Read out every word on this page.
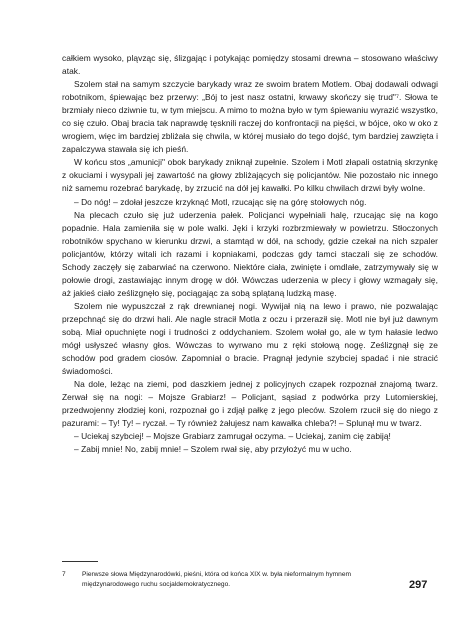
całkiem wysoko, pląvząc się, ślizgając i potykając pomiędzy stosami drewna – stosowano właściwy atak.

Szolem stał na samym szczycie barykady wraz ze swoim bratem Motlem. Obaj dodawali odwagi robotnikom, śpiewając bez przerwy: „Bój to jest nasz ostatni, krwawy skończy się trud"⁷. Słowa te brzmiały nieco dziwnie tu, w tym miejscu. A mimo to można było w tym śpiewaniu wyrazić wszystko, co się czuło. Obaj bracia tak naprawdę tęsknili raczej do konfrontacji na pięści, w bójce, oko w oko z wrogiem, więc im bardziej zbliżała się chwila, w której musiało do tego dojść, tym bardziej zawzięta i zapalczywa stawała się ich pieśń.

W końcu stos „amunicji" obok barykady zniknął zupełnie. Szolem i Motl złapali ostatnią skrzynkę z okuciami i wysypali jej zawartość na głowy zbliżających się policjantów. Nie pozostało nic innego niż samemu rozebrać barykadę, by zrzucić na dół jej kawałki. Po kilku chwilach drzwi były wolne.

– Do nóg! – zdołał jeszcze krzyknąć Motl, rzucając się na górę stołowych nóg.

Na plecach czuło się już uderzenia pałek. Policjanci wypełniali halę, rzucając się na kogo popadnie. Hala zamieniła się w pole walki. Jęki i krzyki rozbrzmiewały w powietrzu. Stłoczonych robotników spychano w kierunku drzwi, a stamtąd w dół, na schody, gdzie czekał na nich szpaler policjantów, którzy witali ich razami i kopniakami, podczas gdy tamci staczali się ze schodów. Schody zaczęły się zabarwiać na czerwono. Niektóre ciała, zwinięte i omdlałe, zatrzymywały się w połowie drogi, zastawiając innym drogę w dół. Wówczas uderzenia w plecy i głowy wzmagały się, aż jakieś ciało ześlizgnęło się, pociągając za sobą splątaną ludzką masę.

Szolem nie wypuszczał z rąk drewnianej nogi. Wywijał nią na lewo i prawo, nie pozwalając przepchnąć się do drzwi hali. Ale nagle stracił Motla z oczu i przeraził się. Motl nie był już dawnym sobą. Miał opuchnięte nogi i trudności z oddychaniem. Szolem wołał go, ale w tym hałasie ledwo mógł usłyszeć własny głos. Wówczas to wyrwano mu z ręki stołową nogę. Ześlizgnął się ze schodów pod gradem ciosów. Zapomniał o bracie. Pragnął jedynie szybciej spadać i nie stracić świadomości.

Na dole, leżąc na ziemi, pod daszkiem jednej z policyjnych czapek rozpoznał znajomą twarz. Zerwał się na nogi: – Mojsze Grabiarz! – Policjant, sąsiad z podwórka przy Lutomierskiej, przedwojenny złodziej koni, rozpoznał go i zdjął pałkę z jego pleców. Szolem rzucił się do niego z pazurami: – Ty! Ty! – ryczał. – Ty również żałujesz nam kawałka chleba?! – Splunął mu w twarz.

– Uciekaj szybciej! – Mojsze Grabiarz zamrugał oczyma. – Uciekaj, zanim cię zabiją!

– Zabij mnie! No, zabij mnie! – Szolem rwał się, aby przyłożyć mu w ucho.

7 Pierwsze słowa Międzynarodówki, pieśni, która od końca XIX w. była nieformalnym hymnem międzynarodowego ruchu socjaldemokratycznego.	297
